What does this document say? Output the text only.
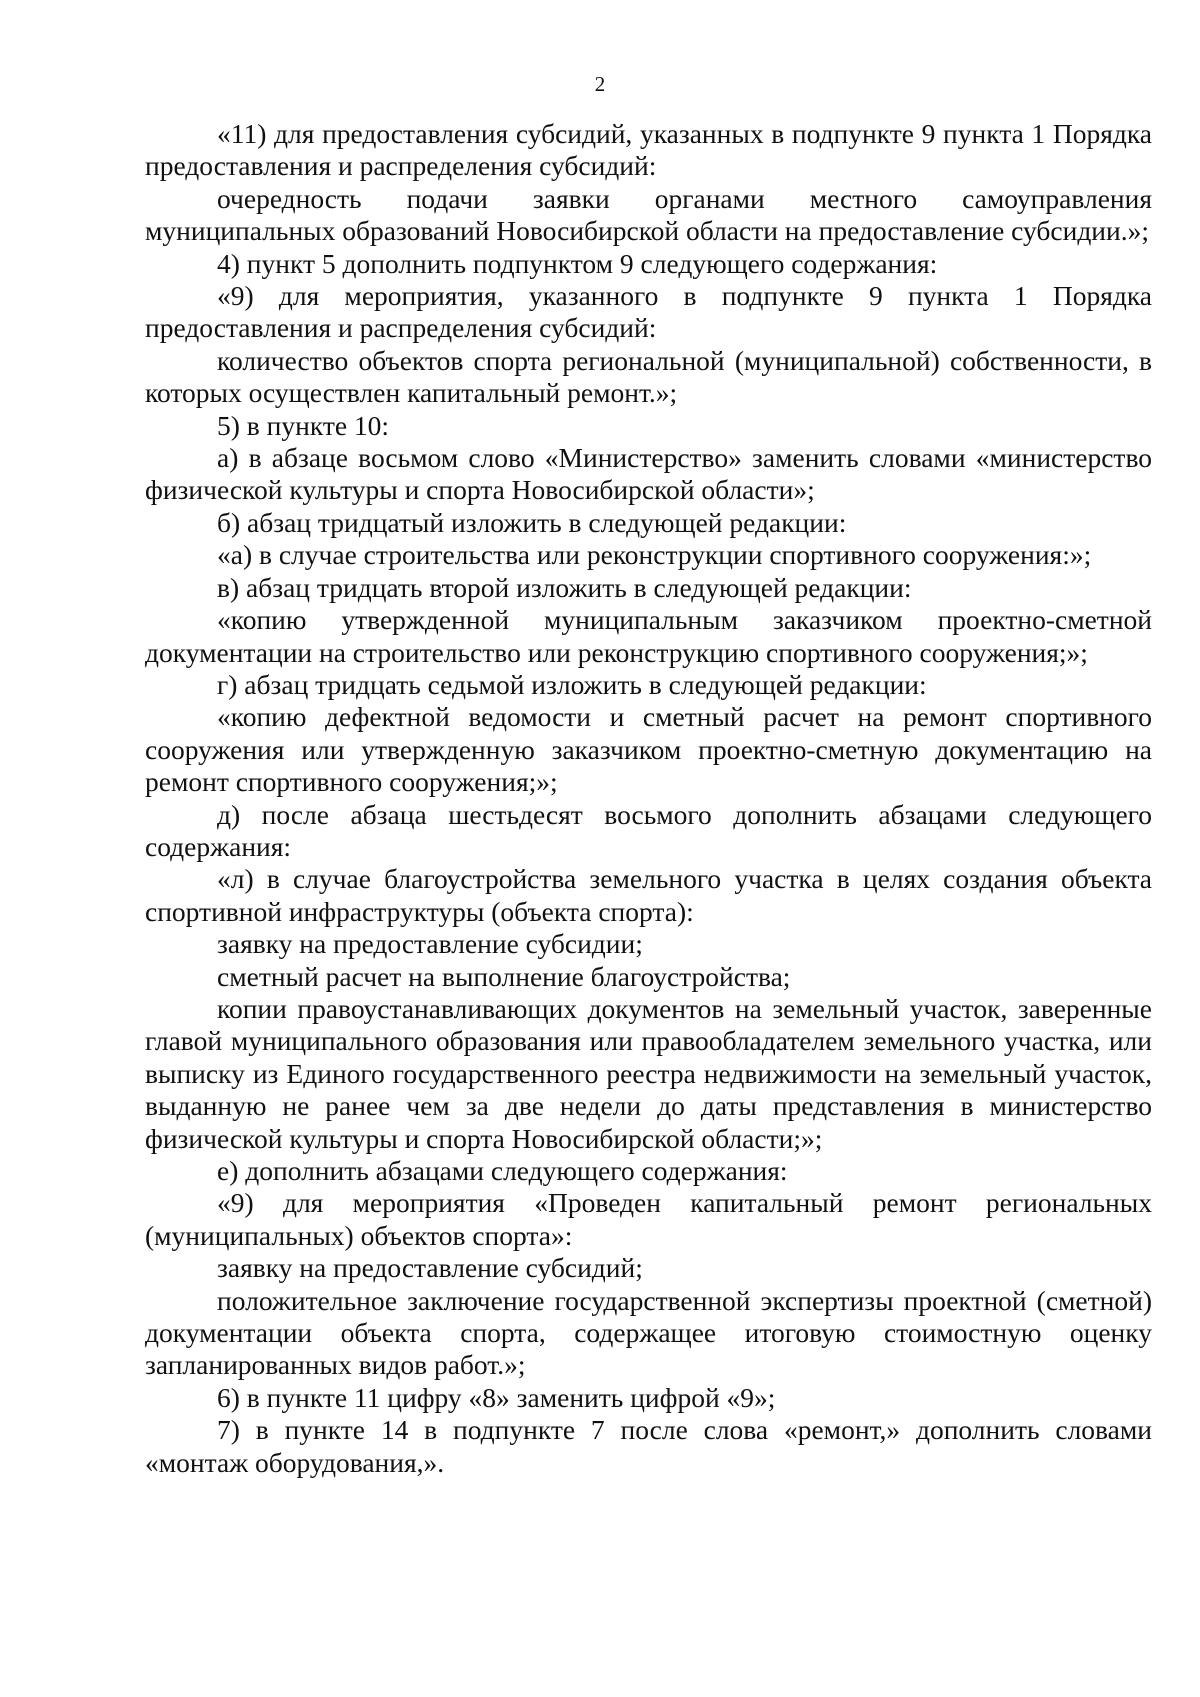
2

«11) для предоставления субсидий, указанных в подпункте 9 пункта 1 Порядка предоставления и распределения субсидий:

очередность подачи заявки органами местного самоуправления муниципальных образований Новосибирской области на предоставление субсидии.»;

4) пункт 5 дополнить подпунктом 9 следующего содержания:

«9) для мероприятия, указанного в подпункте 9 пункта 1 Порядка предоставления и распределения субсидий:

количество объектов спорта региональной (муниципальной) собственности, в которых осуществлен капитальный ремонт.»;

5) в пункте 10:

а) в абзаце восьмом слово «Министерство» заменить словами «министерство физической культуры и спорта Новосибирской области»;

б) абзац тридцатый изложить в следующей редакции:

«а) в случае строительства или реконструкции спортивного сооружения:»;

в) абзац тридцать второй изложить в следующей редакции:

«копию утвержденной муниципальным заказчиком проектно-сметной документации на строительство или реконструкцию спортивного сооружения;»;

г) абзац тридцать седьмой изложить в следующей редакции:

«копию дефектной ведомости и сметный расчет на ремонт спортивного сооружения или утвержденную заказчиком проектно-сметную документацию на ремонт спортивного сооружения;»;

д) после абзаца шестьдесят восьмого дополнить абзацами следующего содержания:

«л) в случае благоустройства земельного участка в целях создания объекта спортивной инфраструктуры (объекта спорта):

заявку на предоставление субсидии;

сметный расчет на выполнение благоустройства;

копии правоустанавливающих документов на земельный участок, заверенные главой муниципального образования или правообладателем земельного участка, или выписку из Единого государственного реестра недвижимости на земельный участок, выданную не ранее чем за две недели до даты представления в министерство физической культуры и спорта Новосибирской области;»;

е) дополнить абзацами следующего содержания:

«9) для мероприятия «Проведен капитальный ремонт региональных (муниципальных) объектов спорта»:

заявку на предоставление субсидий;

положительное заключение государственной экспертизы проектной (сметной) документации объекта спорта, содержащее итоговую стоимостную оценку запланированных видов работ.»;

6) в пункте 11 цифру «8» заменить цифрой «9»;

7) в пункте 14 в подпункте 7 после слова «ремонт,» дополнить словами «монтаж оборудования,».
